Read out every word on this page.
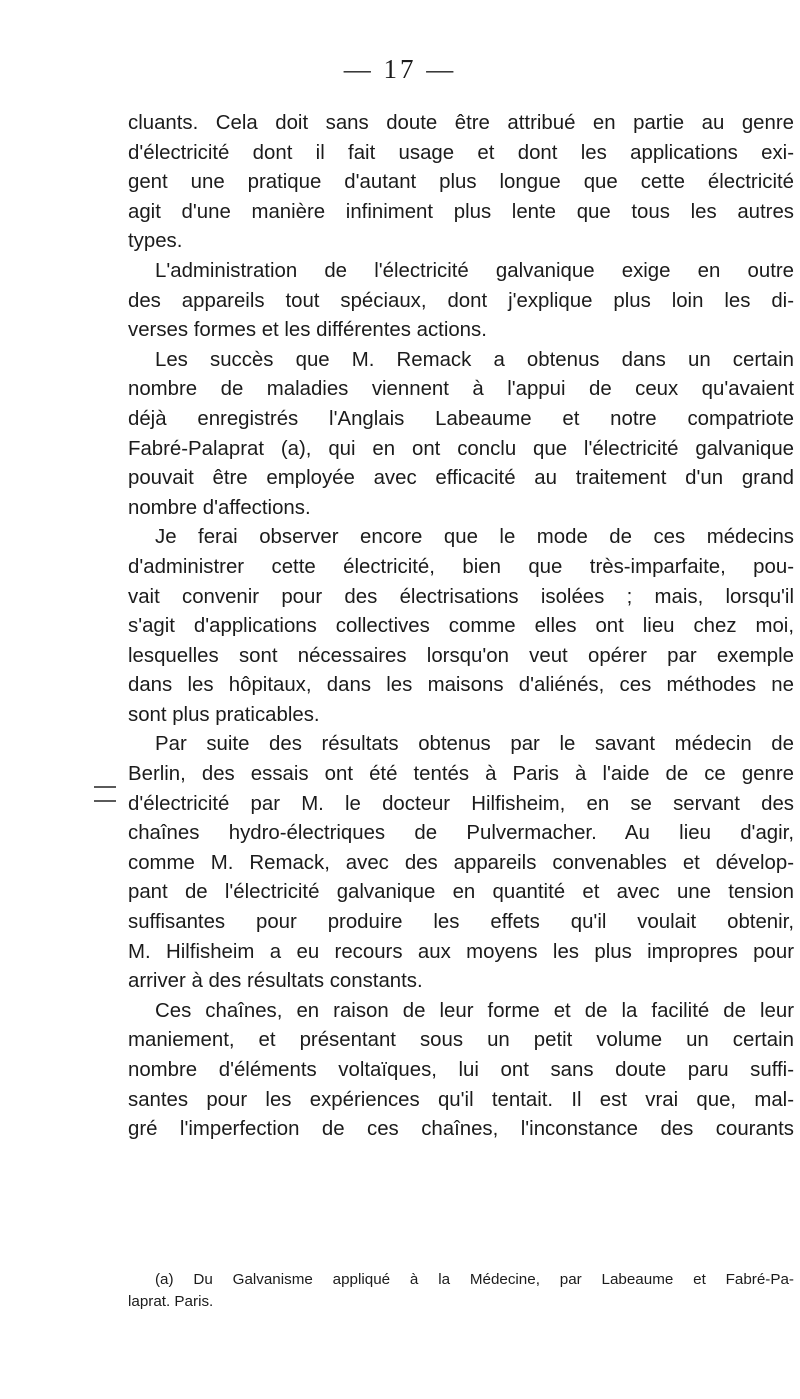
— 17 —
cluants. Cela doit sans doute être attribué en partie au genre
d'électricité dont il fait usage et dont les applications exi-
gent une pratique d'autant plus longue que cette électricité
agit d'une manière infiniment plus lente que tous les autres
types.
L'administration de l'électricité galvanique exige en outre
des appareils tout spéciaux, dont j'explique plus loin les di-
verses formes et les différentes actions.
Les succès que M. Remack a obtenus dans un certain
nombre de maladies viennent à l'appui de ceux qu'avaient
déjà enregistrés l'Anglais Labeaume et notre compatriote
Fabré-Palaprat (a), qui en ont conclu que l'électricité galvanique
pouvait être employée avec efficacité au traitement d'un grand
nombre d'affections.
Je ferai observer encore que le mode de ces médecins
d'administrer cette électricité, bien que très-imparfaite, pou-
vait convenir pour des électrisations isolées ; mais, lorsqu'il
s'agit d'applications collectives comme elles ont lieu chez moi,
lesquelles sont nécessaires lorsqu'on veut opérer par exemple
dans les hôpitaux, dans les maisons d'aliénés, ces méthodes ne
sont plus praticables.
Par suite des résultats obtenus par le savant médecin de
Berlin, des essais ont été tentés à Paris à l'aide de ce genre
d'électricité par M. le docteur Hilfisheim, en se servant des
chaînes hydro-électriques de Pulvermacher. Au lieu d'agir,
comme M. Remack, avec des appareils convenables et dévelop-
pant de l'électricité galvanique en quantité et avec une tension
suffisantes pour produire les effets qu'il voulait obtenir,
M. Hilfisheim a eu recours aux moyens les plus impropres pour
arriver à des résultats constants.
Ces chaînes, en raison de leur forme et de la facilité de leur
maniement, et présentant sous un petit volume un certain
nombre d'éléments voltaïques, lui ont sans doute paru suffi-
santes pour les expériences qu'il tentait. Il est vrai que, mal-
gré l'imperfection de ces chaînes, l'inconstance des courants
(a) Du Galvanisme appliqué à la Médecine, par Labeaume et Fabré-Pa-
laprat. Paris.
